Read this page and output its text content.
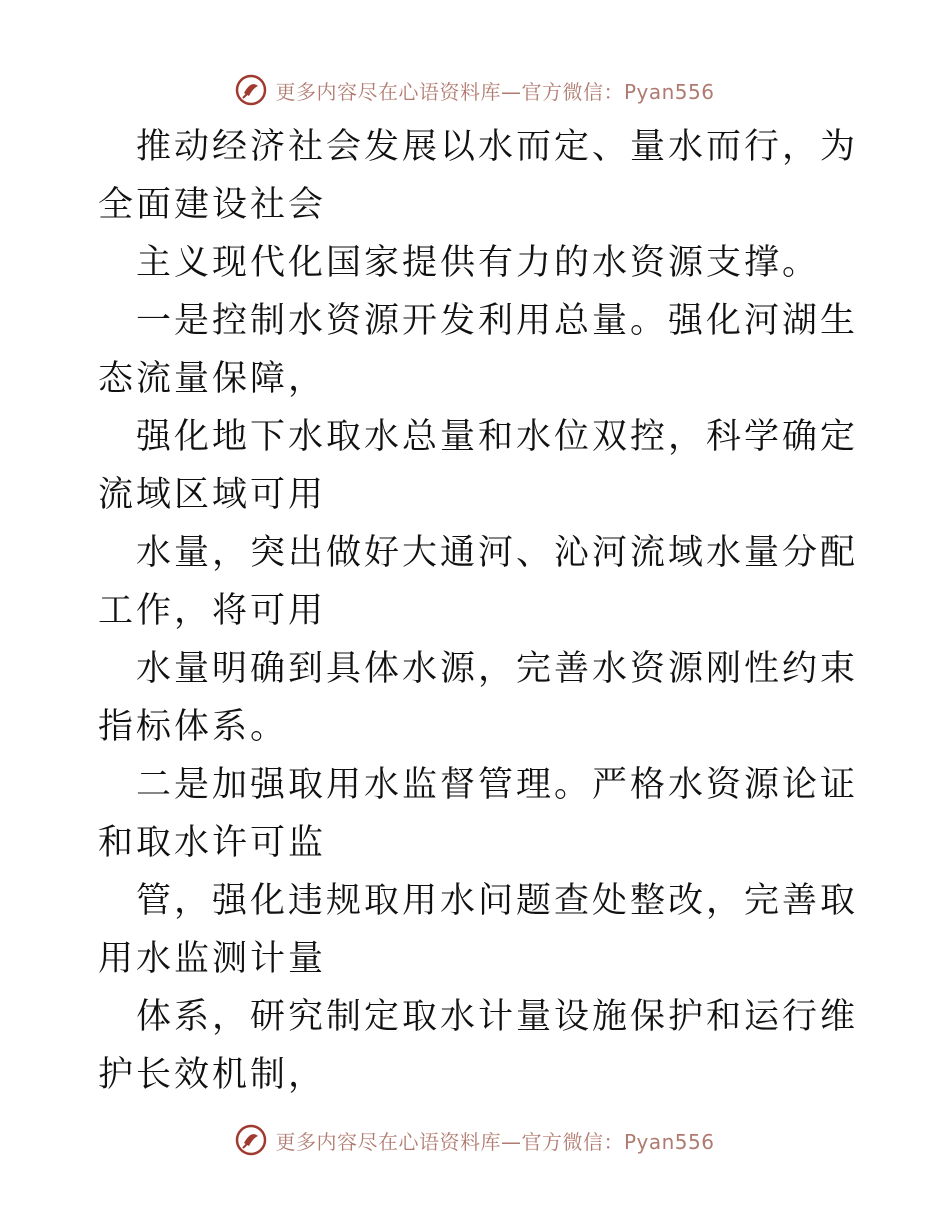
更多内容尽在心语资料库—官方微信：Pyan556

推动经济社会发展以水而定、量水而行，为全面建设社会

主义现代化国家提供有力的水资源支撑。

一是控制水资源开发利用总量。强化河湖生态流量保障，

强化地下水取水总量和水位双控，科学确定流域区域可用

水量，突出做好大通河、沁河流域水量分配工作，将可用

水量明确到具体水源，完善水资源刚性约束指标体系。

二是加强取用水监督管理。严格水资源论证和取水许可监

管，强化违规取用水问题查处整改，完善取用水监测计量

体系，研究制定取水计量设施保护和运行维护长效机制，

更多内容尽在心语资料库—官方微信：Pyan556
